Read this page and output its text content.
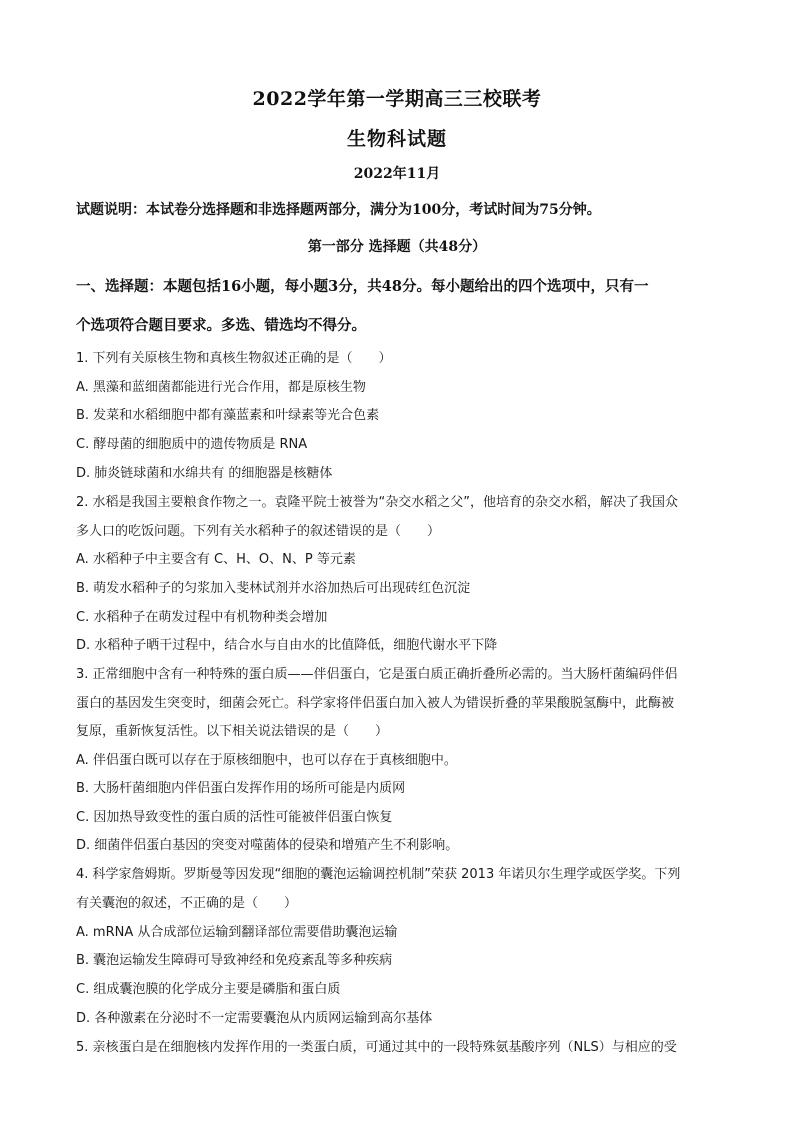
2022学年第一学期高三三校联考
生物科试题
2022年11月
试题说明：本试卷分选择题和非选择题两部分，满分为100分，考试时间为75分钟。
第一部分 选择题（共48分）
一、选择题：本题包括16小题，每小题3分，共48分。每小题给出的四个选项中，只有一
个选项符合题目要求。多选、错选均不得分。
1. 下列有关原核生物和真核生物叙述正确的是（　　）
A. 黑藻和蓝细菌都能进行光合作用，都是原核生物
B. 发菜和水稻细胞中都有藻蓝素和叶绿素等光合色素
C. 酵母菌的细胞质中的遗传物质是 RNA
D. 肺炎链球菌和水绵共有 的细胞器是核糖体
2. 水稻是我国主要粮食作物之一。袁隆平院士被誉为“杂交水稻之父”，他培育的杂交水稻，解决了我国众
多人口的吃饭问题。下列有关水稻种子的叙述错误的是（　　）
A. 水稻种子中主要含有 C、H、O、N、P 等元素
B. 萌发水稻种子的匀浆加入斐林试剂并水浴加热后可出现砖红色沉淀
C. 水稻种子在萌发过程中有机物种类会增加
D. 水稻种子晒干过程中，结合水与自由水的比值降低，细胞代谢水平下降
3. 正常细胞中含有一种特殊的蛋白质——伴侣蛋白，它是蛋白质正确折叠所必需的。当大肠杆菌编码伴侣
蛋白的基因发生突变时，细菌会死亡。科学家将伴侣蛋白加入被人为错误折叠的苹果酸脱氢酶中，此酶被
复原，重新恢复活性。以下相关说法错误的是（　　）
A. 伴侣蛋白既可以存在于原核细胞中，也可以存在于真核细胞中。
B. 大肠杆菌细胞内伴侣蛋白发挥作用的场所可能是内质网
C. 因加热导致变性的蛋白质的活性可能被伴侣蛋白恢复
D. 细菌伴侣蛋白基因的突变对噬菌体的侵染和增殖产生不利影响。
4. 科学家詹姆斯。罗斯曼等因发现“细胞的囊泡运输调控机制”荣获 2013 年诺贝尔生理学或医学奖。下列
有关囊泡的叙述，不正确的是（　　）
A. mRNA 从合成部位运输到翻译部位需要借助囊泡运输
B. 囊泡运输发生障碍可导致神经和免疫紊乱等多种疾病
C. 组成囊泡膜的化学成分主要是磷脂和蛋白质
D. 各种激素在分泌时不一定需要囊泡从内质网运输到高尔基体
5. 亲核蛋白是在细胞核内发挥作用的一类蛋白质，可通过其中的一段特殊氨基酸序列（NLS）与相应的受
